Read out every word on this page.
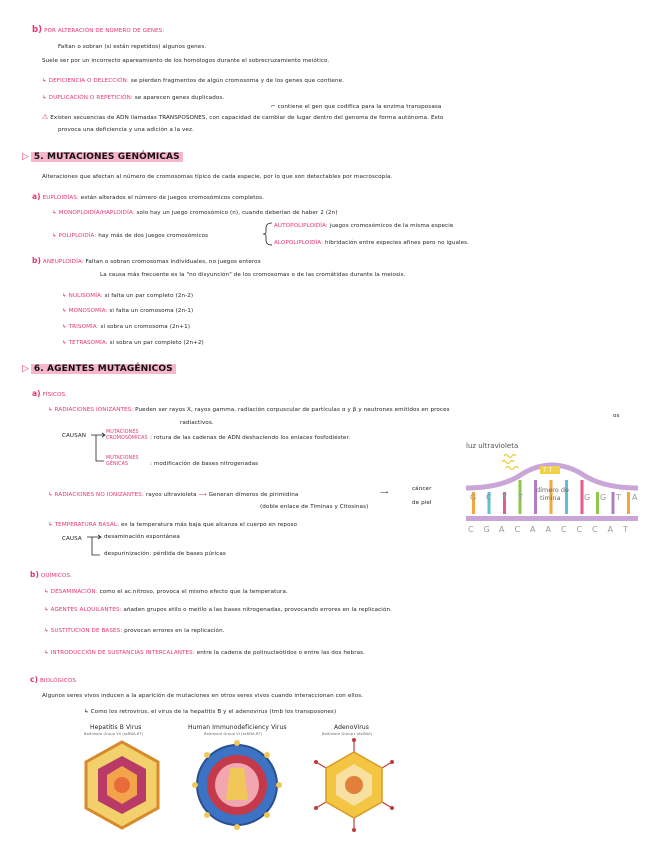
b) POR ALTERACIÓN DE NÚMERO DE GENES:
Faltan o sobran (si están repetidos) algunos genes.
Suele ser por un incorrecto apareamiento de los homólogos durante el sobrecruzamiento meiótico.
↳ DEFICIENCIA O DELECCIÓN: se pierden fragmentos de algún cromosoma y de los genes que contiene.
↳ DUPLICACIÓN O REPETICIÓN: se aparecen genes duplicados.
⌐ contiene el gen que codifica para la enzima transposasa
⚠ Existen secuencias de ADN llamadas TRANSPOSONES, con capacidad de cambiar de lugar dentro del genoma de forma autónoma. Esto
provoca una deficiencia y una adición a la vez.
▷ 5. MUTACIONES GENÓMICAS
Alteraciones que afectan al número de cromosomas típico de cada especie, por lo que son detectables por macroscopía.
a) EUPLOIDÍAS: están alterados el número de juegos cromosómicos completos.
↳ MONOPLOIDÍA/HAPLOIDÍA: solo hay un juego cromosómico (n), cuando deberían de haber 2 (2n)
↳ POLIPLOIDÍA: hay más de dos juegos cromosómicos
AUTOPOLIPLOIDÍA: juegos cromosómicos de la misma especie
ALOPOLIPLOIDÍA: hibridación entre especies afines pero no iguales.
b) ANEUPLOIDÍA: Faltan o sobran cromosomas individuales, no juegos enteros
La causa más frecuente es la "no disyunción" de los cromosomas o de las cromátidas durante la meiosis.
↳ NULISOMÍA: si falta un par completo (2n-2)
↳ MONOSOMÍA: si falta un cromosoma (2n-1)
↳ TRISOMÍA: si sobra un cromosoma (2n+1)
↳ TETRASOMÍA: si sobra un par completo (2n+2)
▷ 6. AGENTES MUTAGÉNICOS
a) FÍSICOS.
↳ RADIACIONES IONIZANTES: Pueden ser rayos X, rayos gamma, radiación corpuscular de partículas α y β y neutrones emitidos en proces
os
radiactivos.
CAUSAN
MUTACIONES
CROMOSÓMICAS : rotura de las cadenas de ADN deshaciendo los enlaces fosfodiéster.
MUTACIONES
GÉNICAS	: modificación de bases nitrogenadas
↳ RADIACIONES NO IONIZANTES: rayos ultravioleta ⟶ Generan dímeros de pirimidina
(doble enlace de Timinas y Citosinas)
⟶
cáncer
de piel
↳ TEMPERATURA BASAL: es la temperatura más baja que alcanza el cuerpo en reposo
CAUSA	desaminación espontánea
despurinización: pérdida de bases púricas
luz ultravioleta
G C T T	G G T A
C G A C A A C C C A T
T T
dímero de
timina
b) QUÍMICOS.
↳ DESAMINACIÓN: como el ac.nitroso, provoca el mismo efecto que la temperatura.
↳ AGENTES ALQUILANTES: añaden grupos etilo o metilo a las bases nitrogenadas, provocando errores en la replicación.
↳ SUSTITUCIÓN DE BASES: provocan errores en la replicación.
↳ INTRODUCCIÓN DE SUSTANCIAS INTERCALANTES: entre la cadena de polinucleótidos o entre las dos hebras.
c) BIOLÓGICOS
Algunos seres vivos inducen a la aparición de mutaciones en otros seres vivos cuando interaccionan con ellos.
↳ Como los retrovirus, el virus de la hepatitis B y el adenovirus (tmb los transposones)
Hepatitis B Virus
Baltimore Group VII (ssRNA-RT)
Human Immunodeficiency Virus
Baltimore Group VI (ssRNA-RT)
AdenoVirus
Baltimore Group I (dsDNA)
